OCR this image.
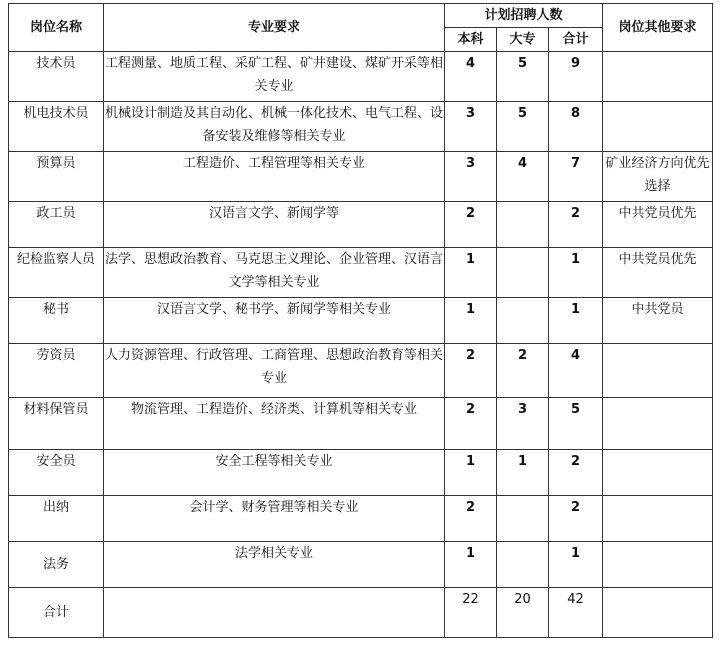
岗位名称	专业要求	计划招聘人数			岗位其他要求
		本科	大专	合计	
技术员	工程测量、地质工程、采矿工程、矿井建设、煤矿开采等相关专业	4	5	9	
机电技术员	机械设计制造及其自动化、机械一体化技术、电气工程、设备安装及维修等相关专业	3	5	8	
预算员	工程造价、工程管理等相关专业	3	4	7	矿业经济方向优先选择
政工员	汉语言文学、新闻学等	2		2	中共党员优先
纪检监察人员	法学、思想政治教育、马克思主义理论、企业管理、汉语言文学等相关专业	1		1	中共党员优先
秘书	汉语言文学、秘书学、新闻学等相关专业	1		1	中共党员
劳资员	人力资源管理、行政管理、工商管理、思想政治教育等相关专业	2	2	4	
材料保管员	物流管理、工程造价、经济类、计算机等相关专业	2	3	5	
安全员	安全工程等相关专业	1	1	2	
出纳	会计学、财务管理等相关专业	2		2	
法务	法学相关专业	1		1	
合计		22	20	42	
